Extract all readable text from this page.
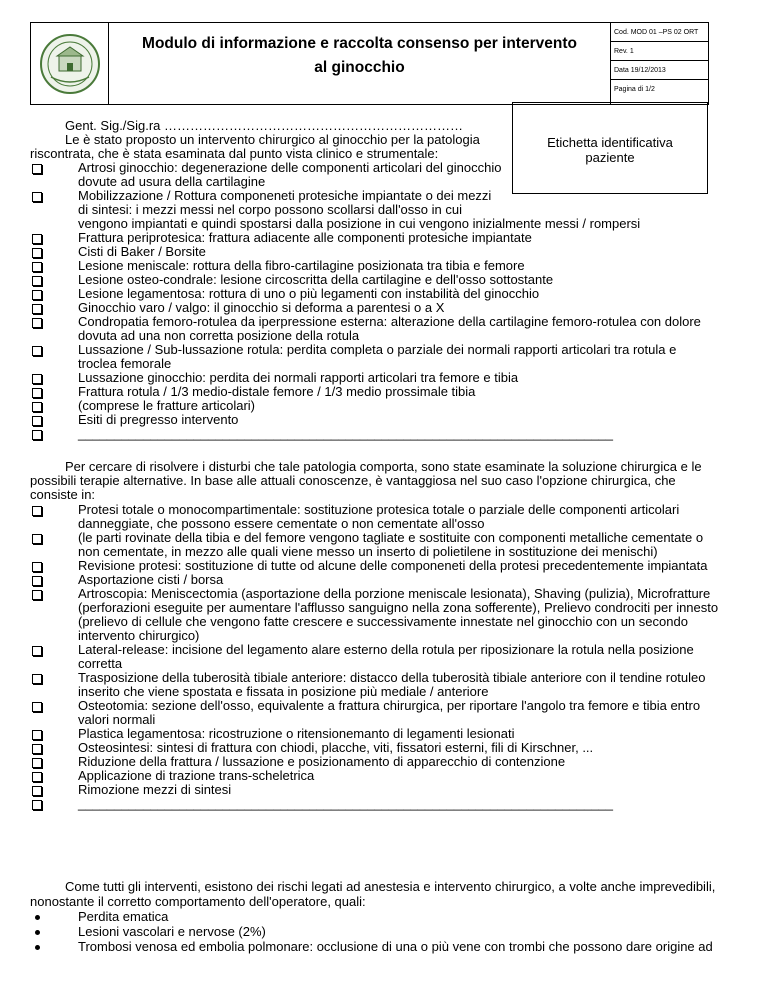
Modulo di informazione e raccolta consenso per intervento
al ginocchio
Cod. MOD 01 –PS 02 ORT
Rev. 1
Data 19/12/2013
Pagina di 1/2
Etichetta identificativa
paziente
Gent. Sig./Sig.ra ……………………………………………………………
Le è stato proposto un intervento chirurgico al ginocchio per la patologia
riscontrata, che è stata esaminata dal punto vista clinico e strumentale:
Artrosi ginocchio: degenerazione delle componenti articolari del ginocchio
dovute ad usura della cartilagine
Mobilizzazione / Rottura componeneti protesiche impiantate o dei mezzi
di sintesi: i mezzi messi nel corpo possono scollarsi dall'osso in cui
vengono impiantati e quindi spostarsi dalla posizione in cui vengono inizialmente messi / rompersi
Frattura periprotesica: frattura adiacente alle componenti protesiche impiantate
Cisti di Baker / Borsite
Lesione meniscale: rottura della fibro-cartilagine posizionata tra tibia e femore
Lesione osteo-condrale: lesione circoscritta della cartilagine e dell'osso sottostante
Lesione legamentosa: rottura di uno o più legamenti con instabilità del ginocchio
Ginocchio varo / valgo: il ginocchio si deforma a parentesi o a X
Condropatia femoro-rotulea da iperpressione esterna: alterazione della cartilagine femoro-rotulea con dolore
dovuta ad una non corretta posizione della rotula
Lussazione / Sub-lussazione rotula: perdita completa o parziale dei normali rapporti articolari tra rotula e
troclea femorale
Lussazione ginocchio: perdita dei normali rapporti articolari tra femore e tibia
Frattura rotula / 1/3 medio-distale femore / 1/3 medio prossimale tibia
(comprese le fratture articolari)
Esiti di pregresso intervento
__________________________________________________________________________
Per cercare di risolvere i disturbi che tale patologia comporta, sono state esaminate la soluzione chirurgica e le
possibili terapie alternative. In base alle attuali conoscenze, è vantaggiosa nel suo caso l'opzione chirurgica, che
consiste in:
Protesi totale o monocompartimentale: sostituzione protesica totale o parziale delle componenti articolari
danneggiate, che possono essere cementate o non cementate all'osso
(le parti rovinate della tibia e del femore vengono tagliate e sostituite con componenti metalliche cementate o
non cementate, in mezzo alle quali viene messo un inserto di polietilene in sostituzione dei menischi)
Revisione protesi: sostituzione di tutte od alcune delle componeneti della protesi precedentemente impiantata
Asportazione cisti / borsa
Artroscopia: Meniscectomia (asportazione della porzione meniscale lesionata), Shaving (pulizia), Microfratture
(perforazioni eseguite per aumentare l'afflusso sanguigno nella zona sofferente), Prelievo condrociti per innesto
(prelievo di cellule che vengono fatte crescere e successivamente innestate nel ginocchio con un secondo
intervento chirurgico)
Lateral-release: incisione del legamento alare esterno della rotula per riposizionare la rotula nella posizione
corretta
Trasposizione della tuberosità tibiale anteriore: distacco della tuberosità tibiale anteriore con il tendine rotuleo
inserito che viene spostata e fissata in posizione più mediale / anteriore
Osteotomia: sezione dell'osso, equivalente a frattura chirurgica, per riportare l'angolo tra femore e tibia entro
valori normali
Plastica legamentosa: ricostruzione o ritensionemanto di legamenti lesionati
Osteosintesi: sintesi di frattura con chiodi, placche, viti, fissatori esterni, fili di Kirschner, ...
Riduzione della frattura / lussazione e posizionamento di apparecchio di contenzione
Applicazione di trazione trans-scheletrica
Rimozione mezzi di sintesi
__________________________________________________________________________
Come tutti gli interventi, esistono dei rischi legati ad anestesia e intervento chirurgico, a volte anche imprevedibili,
nonostante il corretto comportamento dell'operatore, quali:
Perdita ematica
Lesioni vascolari e nervose (2%)
Trombosi venosa ed embolia polmonare: occlusione di una o più vene con trombi che possono dare origine ad
